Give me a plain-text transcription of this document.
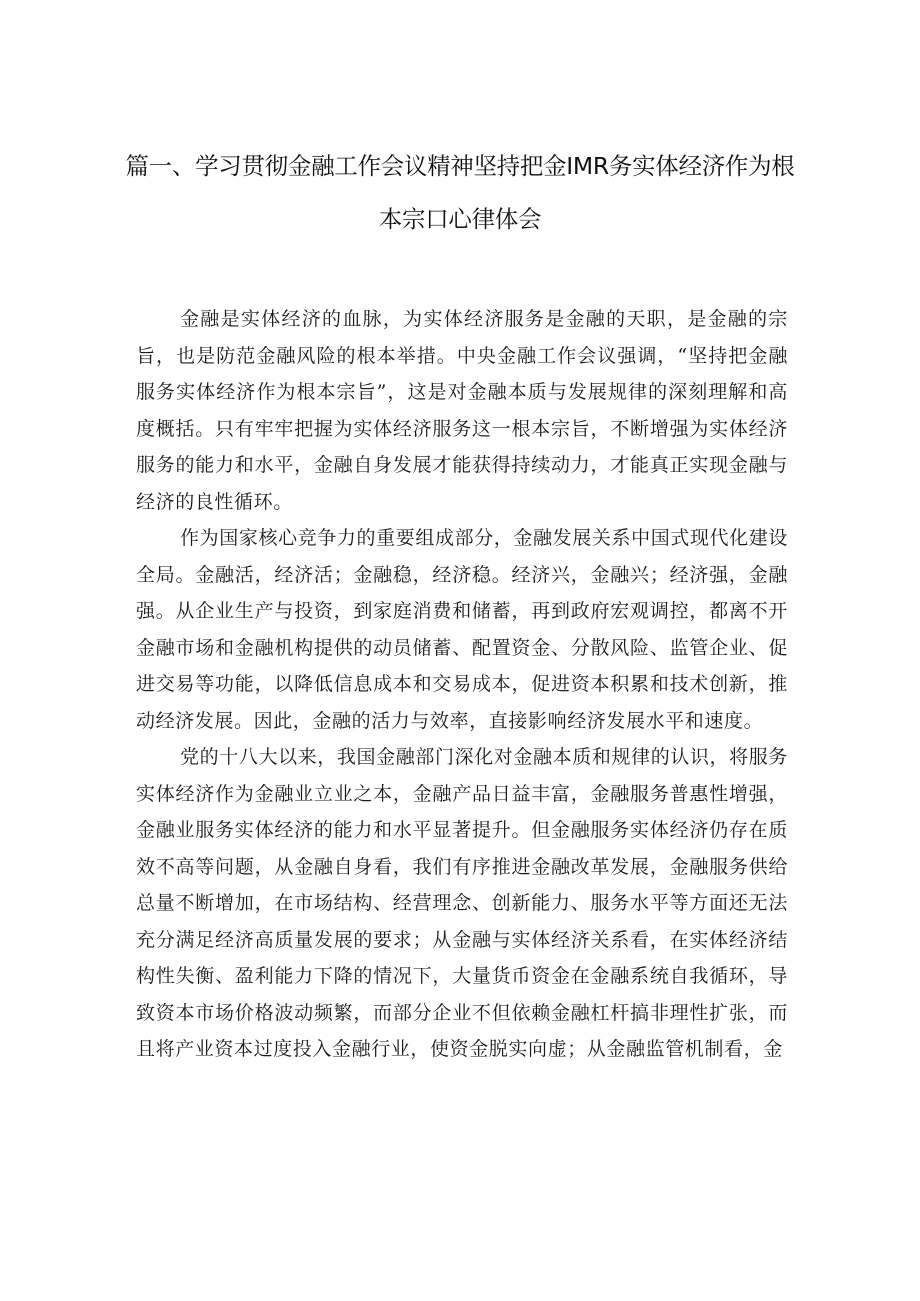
篇一、学习贯彻金融工作会议精神坚持把金IMR务实体经济作为根
本宗口心律体会

金融是实体经济的血脉，为实体经济服务是金融的天职，是金融的宗旨，也是防范金融风险的根本举措。中央金融工作会议强调，“坚持把金融服务实体经济作为根本宗旨”，这是对金融本质与发展规律的深刻理解和高度概括。只有牢牢把握为实体经济服务这一根本宗旨，不断增强为实体经济服务的能力和水平，金融自身发展才能获得持续动力，才能真正实现金融与经济的良性循环。

作为国家核心竞争力的重要组成部分，金融发展关系中国式现代化建设全局。金融活，经济活；金融稳，经济稳。经济兴，金融兴；经济强，金融强。从企业生产与投资，到家庭消费和储蓄，再到政府宏观调控，都离不开金融市场和金融机构提供的动员储蓄、配置资金、分散风险、监管企业、促进交易等功能，以降低信息成本和交易成本，促进资本积累和技术创新，推动经济发展。因此，金融的活力与效率，直接影响经济发展水平和速度。

党的十八大以来，我国金融部门深化对金融本质和规律的认识，将服务实体经济作为金融业立业之本，金融产品日益丰富，金融服务普惠性增强，金融业服务实体经济的能力和水平显著提升。但金融服务实体经济仍存在质效不高等问题，从金融自身看，我们有序推进金融改革发展，金融服务供给总量不断增加，在市场结构、经营理念、创新能力、服务水平等方面还无法充分满足经济高质量发展的要求；从金融与实体经济关系看，在实体经济结构性失衡、盈利能力下降的情况下，大量货币资金在金融系统自我循环，导致资本市场价格波动频繁，而部分企业不但依赖金融杠杆搞非理性扩张，而且将产业资本过度投入金融行业，使资金脱实向虚；从金融监管机制看，金
